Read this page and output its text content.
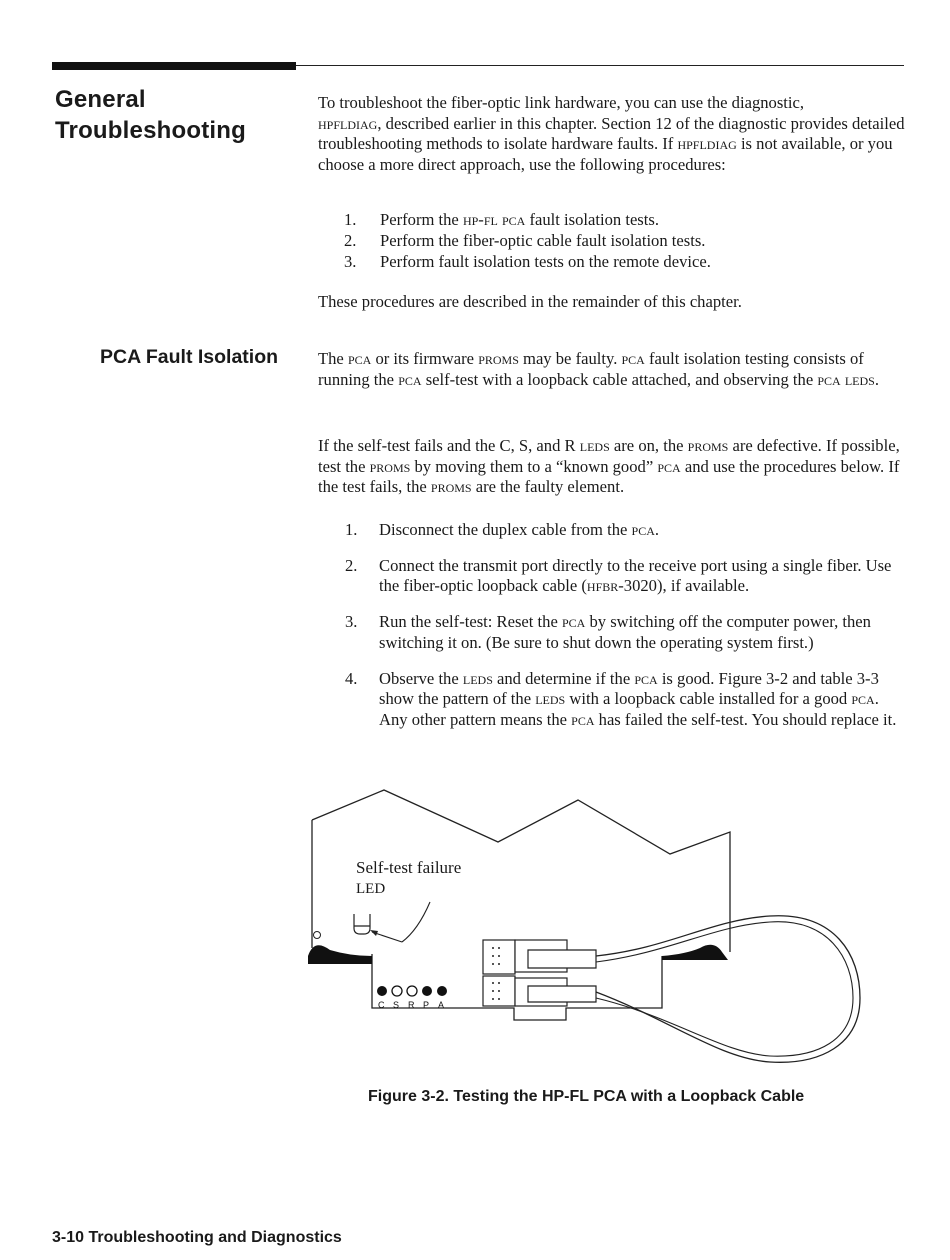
General
Troubleshooting

To troubleshoot the fiber-optic link hardware, you can use the diagnostic,
hpfldiag, described earlier in this chapter. Section 12 of the diagnostic provides detailed troubleshooting methods to isolate hardware faults. If hpfldiag is not available, or you choose a more direct approach, use the following procedures:

1. Perform the hp-fl pca fault isolation tests.
2. Perform the fiber-optic cable fault isolation tests.
3. Perform fault isolation tests on the remote device.

These procedures are described in the remainder of this chapter.

PCA Fault Isolation	The pca or its firmware proms may be faulty. pca fault isolation testing consists of running the pca self-test with a loopback cable attached, and observing the pca leds.

If the self-test fails and the C, S, and R leds are on, the proms are defective. If possible, test the proms by moving them to a “known good” pca and use the procedures below. If the test fails, the proms are the faulty element.

1. Disconnect the duplex cable from the pca.
2. Connect the transmit port directly to the receive port using a single fiber. Use the fiber-optic loopback cable (hfbr-3020), if available.
3. Run the self-test: Reset the pca by switching off the computer power, then switching it on. (Be sure to shut down the operating system first.)
4. Observe the leds and determine if the pca is good. Figure 3-2 and table 3-3 show the pattern of the leds with a loopback cable installed for a good pca. Any other pattern means the pca has failed the self-test. You should replace it.
C S R P A
Self-test failure
LED
Figure 3-2. Testing the HP-FL PCA with a Loopback Cable
3-10 Troubleshooting and Diagnostics
